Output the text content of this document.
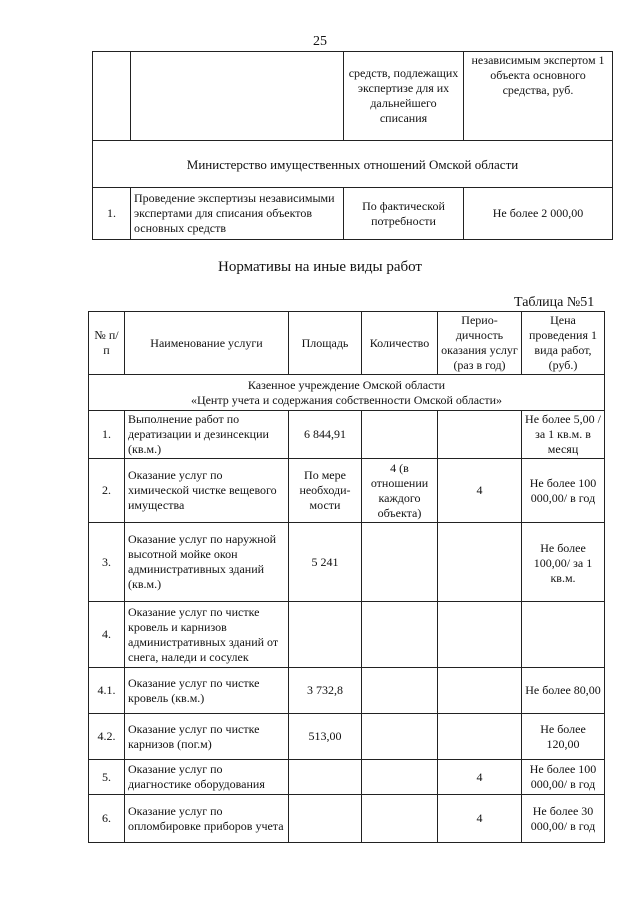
25
		средств, подлежащих экспертизе для их дальнейшего списания	независимым экспертом 1 объекта основного средства, руб.
Министерство имущественных отношений Омской области			
1.	Проведение экспертизы независимыми экспертами для списания объектов основных средств	По фактической потребности	Не более 2 000,00
Нормативы на иные виды работ
Таблица №51
№ п/п	Наименование услуги	Площадь	Количество	Перио-дичность оказания услуг (раз в год)	Цена проведения 1 вида работ, (руб.)

Казенное учреждение Омской области
«Центр учета и содержания собственности Омской области»					

1.	Выполнение работ по дератизации и дезинсекции (кв.м.)	6 844,91			Не более 5,00 / за 1 кв.м. в месяц
2.	Оказание услуг по химической чистке вещевого имущества	По мере необходи-мости	4 (в отношении каждого объекта)	4	Не более 100 000,00/ в год
3.	Оказание услуг по наружной высотной мойке окон административных зданий (кв.м.)	5 241			Не более 100,00/ за 1 кв.м.
4.	Оказание услуг по чистке кровель и карнизов административных зданий от снега, наледи и сосулек				
4.1.	Оказание услуг по чистке кровель (кв.м.)	3 732,8			Не более 80,00
4.2.	Оказание услуг по чистке карнизов (пог.м)	513,00			Не более 120,00
5.	Оказание услуг по диагностике оборудования			4	Не более 100 000,00/ в год
6.	Оказание услуг по опломбировке приборов учета			4	Не более 30 000,00/ в год
